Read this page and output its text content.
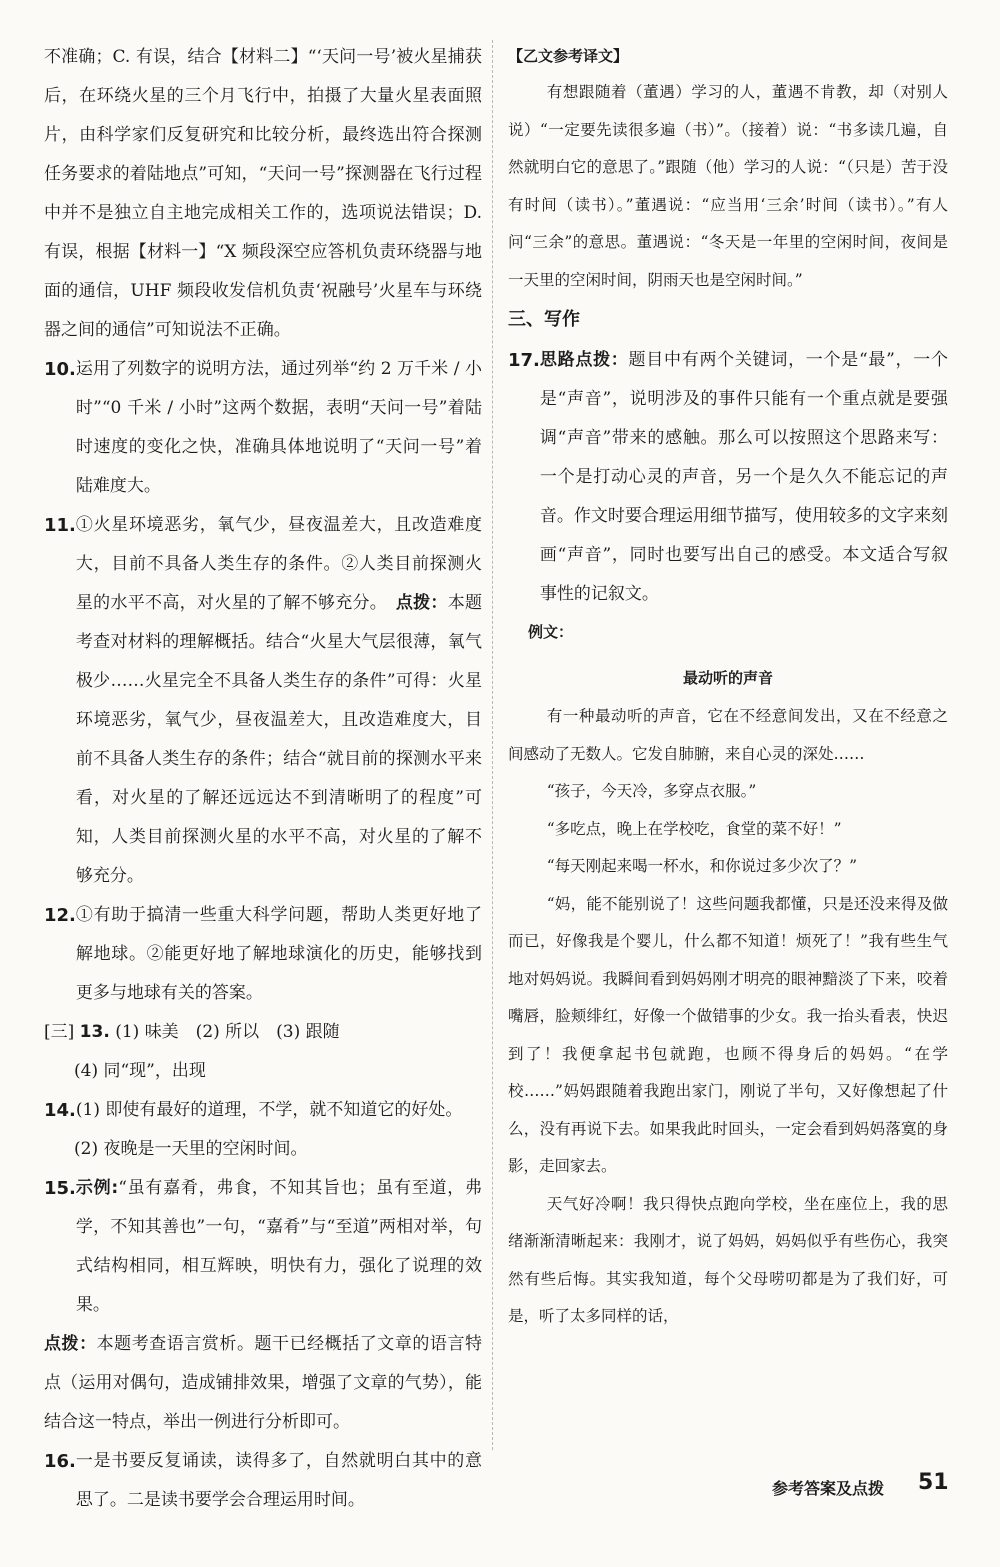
不准确；C. 有误，结合【材料二】“‘天问一号’被火星捕获后，在环绕火星的三个月飞行中，拍摄了大量火星表面照片，由科学家们反复研究和比较分析，最终选出符合探测任务要求的着陆地点”可知，“天问一号”探测器在飞行过程中并不是独立自主地完成相关工作的，选项说法错误；D. 有误，根据【材料一】“X 频段深空应答机负责环绕器与地面的通信，UHF 频段收发信机负责‘祝融号’火星车与环绕器之间的通信”可知说法不正确。

10. 运用了列数字的说明方法，通过列举“约 2 万千米 / 小时”“0 千米 / 小时”这两个数据，表明“天问一号”着陆时速度的变化之快，准确具体地说明了“天问一号”着陆难度大。

11. ①火星环境恶劣，氧气少，昼夜温差大，且改造难度大，目前不具备人类生存的条件。②人类目前探测火星的水平不高，对火星的了解不够充分。　 点拨：本题考查对材料的理解概括。结合“火星大气层很薄，氧气极少……火星完全不具备人类生存的条件”可得：火星环境恶劣，氧气少，昼夜温差大，且改造难度大，目前不具备人类生存的条件；结合“就目前的探测水平来看，对火星的了解还远远达不到清晰明了的程度”可知，人类目前探测火星的水平不高，对火星的了解不够充分。

12. ①有助于搞清一些重大科学问题，帮助人类更好地了解地球。②能更好地了解地球演化的历史，能够找到更多与地球有关的答案。

[三] 13. (1) 味美　(2) 所以　(3) 跟随

(4) 同“现”，出现

14. (1) 即使有最好的道理，不学，就不知道它的好处。

(2) 夜晚是一天里的空闲时间。

15. 示例:“虽有嘉肴，弗食，不知其旨也；虽有至道，弗学，不知其善也”一句，“嘉肴”与“至道”两相对举，句式结构相同，相互辉映，明快有力，强化了说理的效果。

点拨：本题考查语言赏析。题干已经概括了文章的语言特点（运用对偶句，造成铺排效果，增强了文章的气势），能结合这一特点，举出一例进行分析即可。

16. 一是书要反复诵读，读得多了，自然就明白其中的意思了。二是读书要学会合理运用时间。

【乙文参考译文】

有想跟随着（董遇）学习的人，董遇不肯教，却（对别人说）“一定要先读很多遍（书）”。（接着）说：“书多读几遍，自然就明白它的意思了。”跟随（他）学习的人说：“（只是）苦于没有时间（读书）。”董遇说：“应当用‘三余’时间（读书）。”有人问“三余”的意思。董遇说：“冬天是一年里的空闲时间，夜间是一天里的空闲时间，阴雨天也是空闲时间。”

三、写作

17. 思路点拨：题目中有两个关键词，一个是“最”，一个是“声音”，说明涉及的事件只能有一个重点就是要强调“声音”带来的感触。那么可以按照这个思路来写：一个是打动心灵的声音，另一个是久久不能忘记的声音。作文时要合理运用细节描写，使用较多的文字来刻画“声音”，同时也要写出自己的感受。本文适合写叙事性的记叙文。

例文：

最动听的声音

有一种最动听的声音，它在不经意间发出，又在不经意之间感动了无数人。它发自肺腑，来自心灵的深处……

“孩子，今天冷，多穿点衣服。”

“多吃点，晚上在学校吃，食堂的菜不好！”

“每天刚起来喝一杯水，和你说过多少次了？”

“妈，能不能别说了！这些问题我都懂，只是还没来得及做而已，好像我是个婴儿，什么都不知道！烦死了！”我有些生气地对妈妈说。我瞬间看到妈妈刚才明亮的眼神黯淡了下来，咬着嘴唇，脸颊绯红，好像一个做错事的少女。我一抬头看表，快迟到了！我便拿起书包就跑，也顾不得身后的妈妈。“在学校……”妈妈跟随着我跑出家门，刚说了半句，又好像想起了什么，没有再说下去。如果我此时回头，一定会看到妈妈落寞的身影，走回家去。

天气好冷啊！我只得快点跑向学校，坐在座位上，我的思绪渐渐清晰起来：我刚才，说了妈妈，妈妈似乎有些伤心，我突然有些后悔。其实我知道，每个父母唠叨都是为了我们好，可是，听了太多同样的话，

参考答案及点拨 51
